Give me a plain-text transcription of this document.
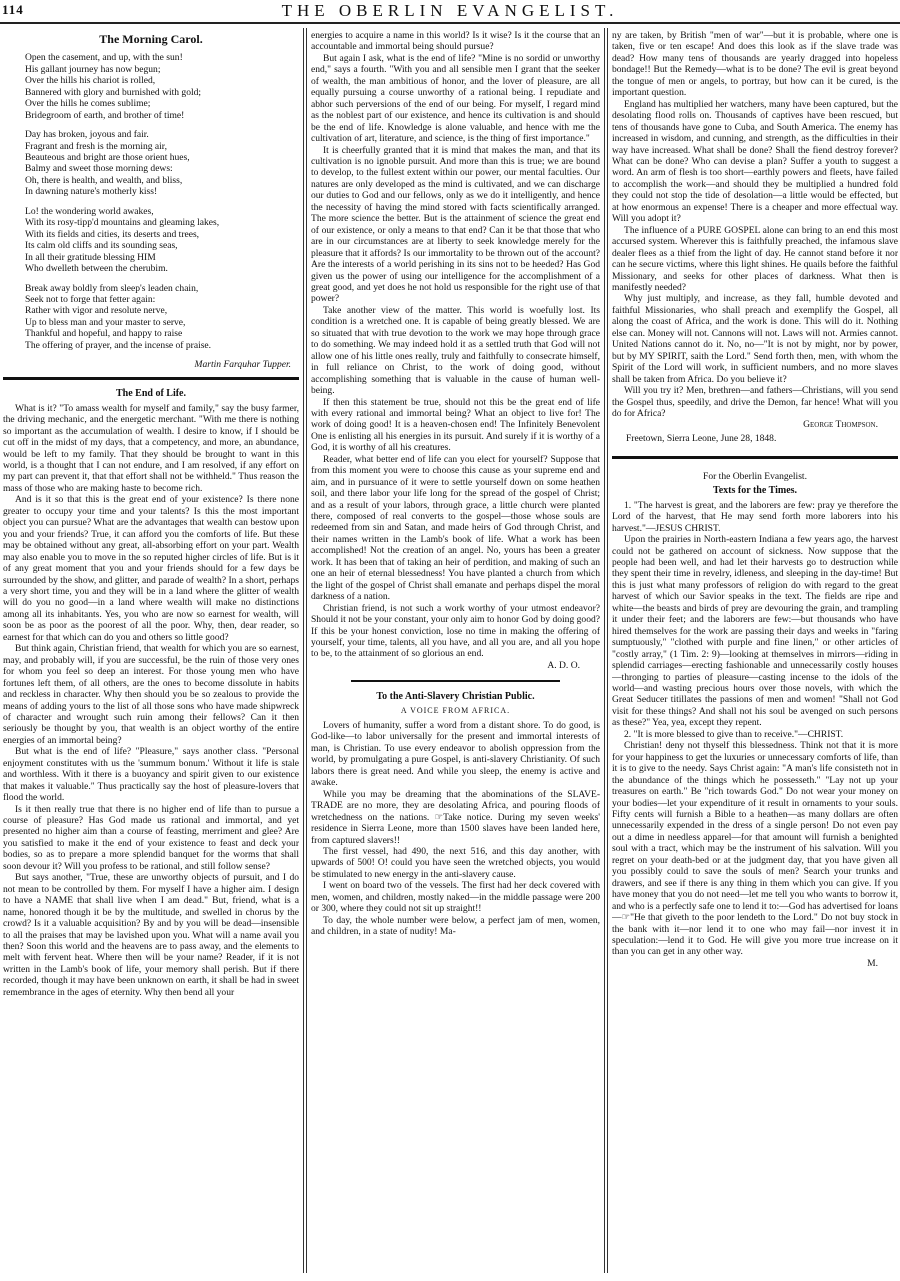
114	THE OBERLIN EVANGELIST.

The Morning Carol.

Open the casement, and up, with the sun!
His gallant journey has now begun;
Over the hills his chariot is rolled,
Bannered with glory and burnished with gold;
Over the hills he comes sublime;
Bridegroom of earth, and brother of time!
Day has broken, joyous and fair.
Fragrant and fresh is the morning air,
Beauteous and bright are those orient hues,
Balmy and sweet those morning dews:
Oh, there is health, and wealth, and bliss,
In dawning nature's motherly kiss!
Lo! the wondering world awakes,
With its rosy-tipp'd mountains and gleaming lakes,
With its fields and cities, its deserts and trees,
Its calm old cliffs and its sounding seas,
In all their gratitude blessing HIM
Who dwelleth between the cherubim.
Break away boldly from sleep's leaden chain,
Seek not to forge that fetter again:
Rather with vigor and resolute nerve,
Up to bless man and your master to serve,
Thankful and hopeful, and happy to raise
The offering of prayer, and the incense of praise.

Martin Farquhar Tupper.

The End of Life.

What is it? "To amass wealth for myself and family," say the busy farmer, the driving mechanic, and the energetic merchant. "With me there is nothing so important as the accumulation of wealth. I desire to know, if I should be cut off in the midst of my days, that a competency, and more, an abundance, would be left to my family. That they should be brought to want in this world, is a thought that I can not endure, and I am resolved, if any effort on my part can prevent it, that that effort shall not be withheld." Thus reason the mass of those who are making haste to become rich.

And is it so that this is the great end of your existence? Is there none greater to occupy your time and your talents? Is this the most important object you can pursue? What are the advantages that wealth can bestow upon you and your friends? True, it can afford you the comforts of life. But these may be obtained without any great, all-absorbing effort on your part. Wealth may also enable you to move in the so reputed higher circles of life. But is it of any great moment that you and your friends should for a few days be surrounded by the show, and glitter, and parade of wealth? In a short, perhaps a very short time, you and they will be in a land where the glitter of wealth will do you no good—in a land where wealth will make no distinctions among all its inhabitants. Yes, you who are now so earnest for wealth, will soon be as poor as the poorest of all the poor. Why, then, dear reader, so earnest for that which can do you and others so little good?

But think again, Christian friend, that wealth for which you are so earnest, may, and probably will, if you are successful, be the ruin of those very ones for whom you feel so deep an interest. For those young men who have fortunes left them, of all others, are the ones to become dissolute in habits and reckless in character. Why then should you be so zealous to provide the means of adding yours to the list of all those sons who have made shipwreck of character and wrought such ruin among their fellows? Can it then seriously be thought by you, that wealth is an object worthy of the entire energies of an immortal being?

But what is the end of life? "Pleasure," says another class. "Personal enjoyment constitutes with us the 'summum bonum.' Without it life is stale and worthless. With it there is a buoyancy and spirit given to our existence that makes it valuable." Thus practically say the host of pleasure-lovers that flood the world.

Is it then really true that there is no higher end of life than to pursue a course of pleasure? Has God made us rational and immortal, and yet presented no higher aim than a course of feasting, merriment and glee? Are you satisfied to make it the end of your existence to feast and deck your bodies, so as to prepare a more splendid banquet for the worms that shall soon devour it? Will you profess to be rational, and still follow sense?

But says another, "True, these are unworthy objects of pursuit, and I do not mean to be controlled by them. For myself I have a higher aim. I design to have a NAME that shall live when I am dead." But, friend, what is a name, honored though it be by the multitude, and swelled in chorus by the crowd? Is it a valuable acquisition? By and by you will be dead—insensible to all the praises that may be lavished upon you. What will a name avail you then? Soon this world and the heavens are to pass away, and the elements to melt with fervent heat. Where then will be your name? Reader, if it is not written in the Lamb's book of life, your memory shall perish. But if there recorded, though it may have been unknown on earth, it shall be had in sweet remembrance in the ages of eternity. Why then bend all your

energies to acquire a name in this world? Is it wise? Is it the course that an accountable and immortal being should pursue?

But again I ask, what is the end of life? "Mine is no sordid or unworthy end," says a fourth. "With you and all sensible men I grant that the seeker of wealth, the man ambitious of honor, and the lover of pleasure, are all equally pursuing a course unworthy of a rational being. I repudiate and abhor such perversions of the end of our being. For myself, I regard mind as the noblest part of our existence, and hence its cultivation is and should be the end of life. Knowledge is alone valuable, and hence with me the cultivation of art, literature, and science, is the thing of first importance."

It is cheerfully granted that it is mind that makes the man, and that its cultivation is no ignoble pursuit. And more than this is true; we are bound to develop, to the fullest extent within our power, our mental faculties. Our natures are only developed as the mind is cultivated, and we can discharge our duties to God and our fellows, only as we do it intelligently, and hence the necessity of having the mind stored with facts scientifically arranged. The more science the better. But is the attainment of science the great end of our existence, or only a means to that end? Can it be that those that who are in our circumstances are at liberty to seek knowledge merely for the pleasure that it affords? Is our immortality to be thrown out of the account? Are the interests of a world perishing in its sins not to be heeded? Has God given us the power of using our intelligence for the accomplishment of a great good, and yet does he not hold us responsible for the right use of that power?

Take another view of the matter. This world is woefully lost. Its condition is a wretched one. It is capable of being greatly blessed. We are so situated that with true devotion to the work we may hope through grace to do something. We may indeed hold it as a settled truth that God will not allow one of his little ones really, truly and faithfully to consecrate himself, in full reliance on Christ, to the work of doing good, without accomplishing something that is valuable in the cause of human well-being.

If then this statement be true, should not this be the great end of life with every rational and immortal being? What an object to live for! The work of doing good! It is a heaven-chosen end! The Infinitely Benevolent One is enlisting all his energies in its pursuit. And surely if it is worthy of a God, it is worthy of all his creatures.

Reader, what better end of life can you elect for yourself? Suppose that from this moment you were to choose this cause as your supreme end and aim, and in pursuance of it were to settle yourself down on some heathen soil, and there labor your life long for the spread of the gospel of Christ; and as a result of your labors, through grace, a little church were planted there, composed of real converts to the gospel—those whose souls are redeemed from sin and Satan, and made heirs of God through Christ, and their names written in the Lamb's book of life. What a work has been accomplished! Not the creation of an angel. No, yours has been a greater work. It has been that of taking an heir of perdition, and making of such an one an heir of eternal blessedness! You have planted a church from which the light of the gospel of Christ shall emanate and perhaps dispel the moral darkness of a nation.

Christian friend, is not such a work worthy of your utmost endeavor? Should it not be your constant, your only aim to honor God by doing good? If this be your honest conviction, lose no time in making the offering of yourself, your time, talents, all you have, and all you are, and all you hope to be, to the attainment of so glorious an end.

A. D. O.

To the Anti-Slavery Christian Public.

A VOICE FROM AFRICA.

Lovers of humanity, suffer a word from a distant shore. To do good, is God-like—to labor universally for the present and immortal interests of man, is Christian. To use every endeavor to abolish oppression from the world, by promulgating a pure Gospel, is anti-slavery Christianity. Of such labors there is great need. And while you sleep, the enemy is active and awake.

While you may be dreaming that the abominations of the SLAVE-TRADE are no more, they are desolating Africa, and pouring floods of wretchedness on the nations. ☞Take notice. During my seven weeks' residence in Sierra Leone, more than 1500 slaves have been landed here, from captured slavers!!

The first vessel, had 490, the next 516, and this day another, with upwards of 500! O! could you have seen the wretched objects, you would be stimulated to new energy in the anti-slavery cause.

I went on board two of the vessels. The first had her deck covered with men, women, and children, mostly naked—in the middle passage were 200 or 300, where they could not sit up straight!!

To day, the whole number were below, a perfect jam of men, women, and children, in a state of nudity! Ma-

ny are taken, by British "men of war"—but it is probable, where one is taken, five or ten escape! And does this look as if the slave trade was dead? How many tens of thousands are yearly dragged into hopeless bondage!! But the Remedy—what is to be done? The evil is great beyond the tongue of men or angels, to portray, but how can it be cured, is the important question.

England has multiplied her watchers, many have been captured, but the desolating flood rolls on. Thousands of captives have been rescued, but tens of thousands have gone to Cuba, and South America. The enemy has increased in wisdom, and cunning, and strength, as the difficulties in their way have increased. What shall be done? Shall the fiend destroy forever? What can be done? Who can devise a plan? Suffer a youth to suggest a word. An arm of flesh is too short—earthly powers and fleets, have failed to accomplish the work—and should they be multiplied a hundred fold they could not stop the tide of desolation—a little would be effected, but at how enormous an expense! There is a cheaper and more effectual way. Will you adopt it?

The influence of a PURE GOSPEL alone can bring to an end this most accursed system. Wherever this is faithfully preached, the infamous slave dealer flees as a thief from the light of day. He cannot stand before it nor can he secure victims, where this light shines. He quails before the faithful Missionary, and seeks for other places of darkness. What then is manifestly needed?

Why just multiply, and increase, as they fall, humble devoted and faithful Missionaries, who shall preach and exemplify the Gospel, all along the coast of Africa, and the work is done. This will do it. Nothing else can. Money will not. Cannons will not. Laws will not. Armies cannot. United Nations cannot do it. No, no—"It is not by might, nor by power, but by MY SPIRIT, saith the Lord." Send forth then, men, with whom the Spirit of the Lord will work, in sufficient numbers, and no more slaves shall be taken from Africa. Do you believe it?

Will you try it? Men, brethren—and fathers—Christians, will you send the Gospel thus, speedily, and drive the Demon, far hence! What will you do for Africa?

George Thompson.

Freetown, Sierra Leone, June 28, 1848.

For the Oberlin Evangelist.

Texts for the Times.

1. "The harvest is great, and the laborers are few: pray ye therefore the Lord of the harvest, that He may send forth more laborers into his harvest."—JESUS CHRIST.

Upon the prairies in North-eastern Indiana a few years ago, the harvest could not be gathered on account of sickness. Now suppose that the people had been well, and had let their harvests go to destruction while they spent their time in revelry, idleness, and sleeping in the day-time! But this is just what many professors of religion do with regard to the great harvest of which our Savior speaks in the text. The fields are ripe and white—the beasts and birds of prey are devouring the grain, and trampling it under their feet; and the laborers are few:—but thousands who have hired themselves for the work are passing their days and weeks in "faring sumptuously," "clothed with purple and fine linen," or other articles of "costly array," (1 Tim. 2: 9)—looking at themselves in mirrors—riding in splendid carriages—erecting fashionable and unnecessarily costly houses—thronging to parties of pleasure—casting incense to the idols of the world—and wasting precious hours over those novels, with which the Great Seducer titillates the passions of men and women! "Shall not God visit for these things? And shall not his soul be avenged on such persons as these?" Yea, yea, except they repent.

2. "It is more blessed to give than to receive."—CHRIST.

Christian! deny not thyself this blessedness. Think not that it is more for your happiness to get the luxuries or unnecessary comforts of life, than it is to give to the needy. Says Christ again: "A man's life consisteth not in the abundance of the things which he possesseth." "Lay not up your treasures on earth." Be "rich towards God." Do not wear your money on your bodies—let your expenditure of it result in ornaments to your souls. Fifty cents will furnish a Bible to a heathen—as many dollars are often unnecessarily expended in the dress of a single person! Do not even pay out a dime in needless apparel—for that amount will furnish a benighted soul with a tract, which may be the instrument of his salvation. Will you regret on your death-bed or at the judgment day, that you have given all you possibly could to save the souls of men? Search your trunks and drawers, and see if there is any thing in them which you can give. If you have money that you do not need—let me tell you who wants to borrow it, and who is a perfectly safe one to lend it to:—God has advertised for loans—☞"He that giveth to the poor lendeth to the Lord." Do not buy stock in the bank with it—nor lend it to one who may fail—nor invest it in speculation:—lend it to God. He will give you more true increase on it than you can get in any other way.

M.
